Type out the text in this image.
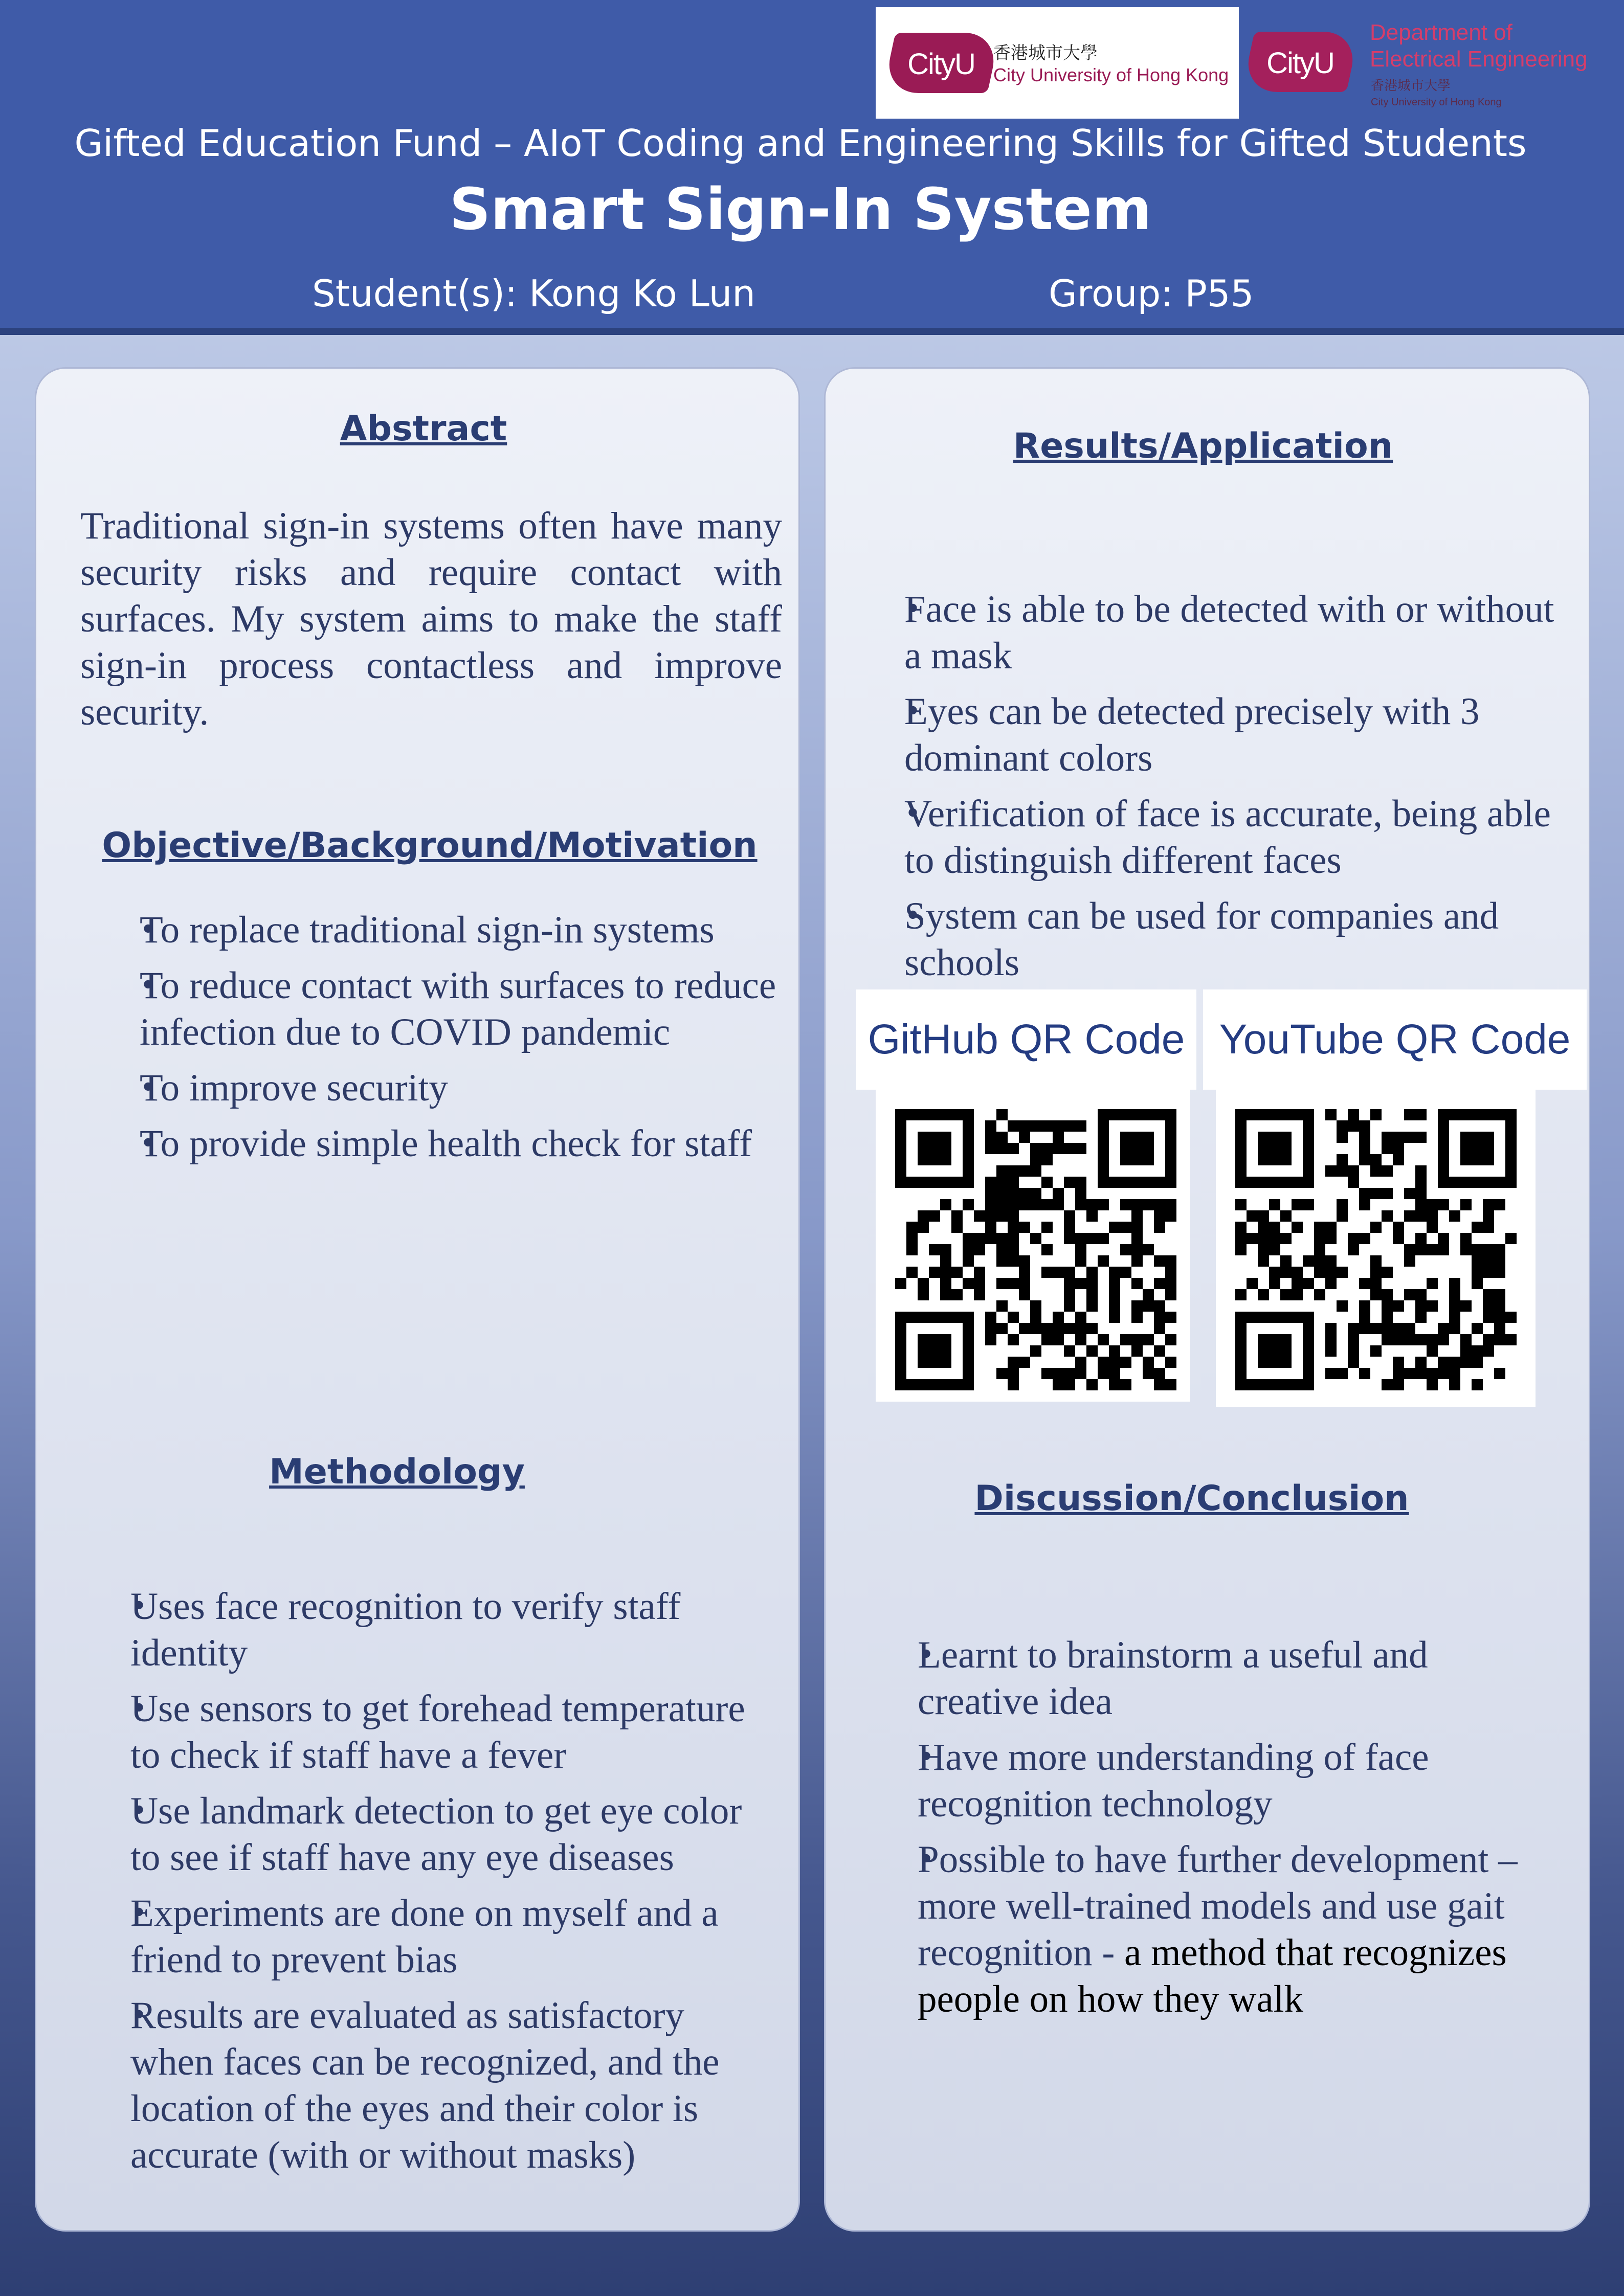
CityU	香港城市大學
City University of Hong Kong	CityU
Department of
Electrical Engineering
香港城市大學
City University of Hong Kong
Gifted Education Fund – AIoT Coding and Engineering Skills for Gifted Students
Smart Sign-In System
Student(s): Kong Ko Lun	Group: P55
Abstract
Traditional sign-in systems often have many security risks and require contact with surfaces. My system aims to make the staff sign-in process contactless and improve security.
Objective/Background/Motivation
• To replace traditional sign-in systems
• To reduce contact with surfaces to reduce infection due to COVID pandemic
• To improve security
• To provide simple health check for staff
Methodology
• Uses face recognition to verify staff identity
• Use sensors to get forehead temperature to check if staff have a fever
• Use landmark detection to get eye color to see if staff have any eye diseases
• Experiments are done on myself and a friend to prevent bias
• Results are evaluated as satisfactory when faces can be recognized, and the location of the eyes and their color is accurate (with or without masks)
Results/Application
• Face is able to be detected with or without a mask
• Eyes can be detected precisely with 3 dominant colors
• Verification of face is accurate, being able to distinguish different faces
• System can be used for companies and schools
GitHub QR Code YouTube QR Code
Discussion/Conclusion
• Learnt to brainstorm a useful and creative idea
• Have more understanding of face recognition technology
• Possible to have further development – more well-trained models and use gait recognition - a method that recognizes people on how they walk
